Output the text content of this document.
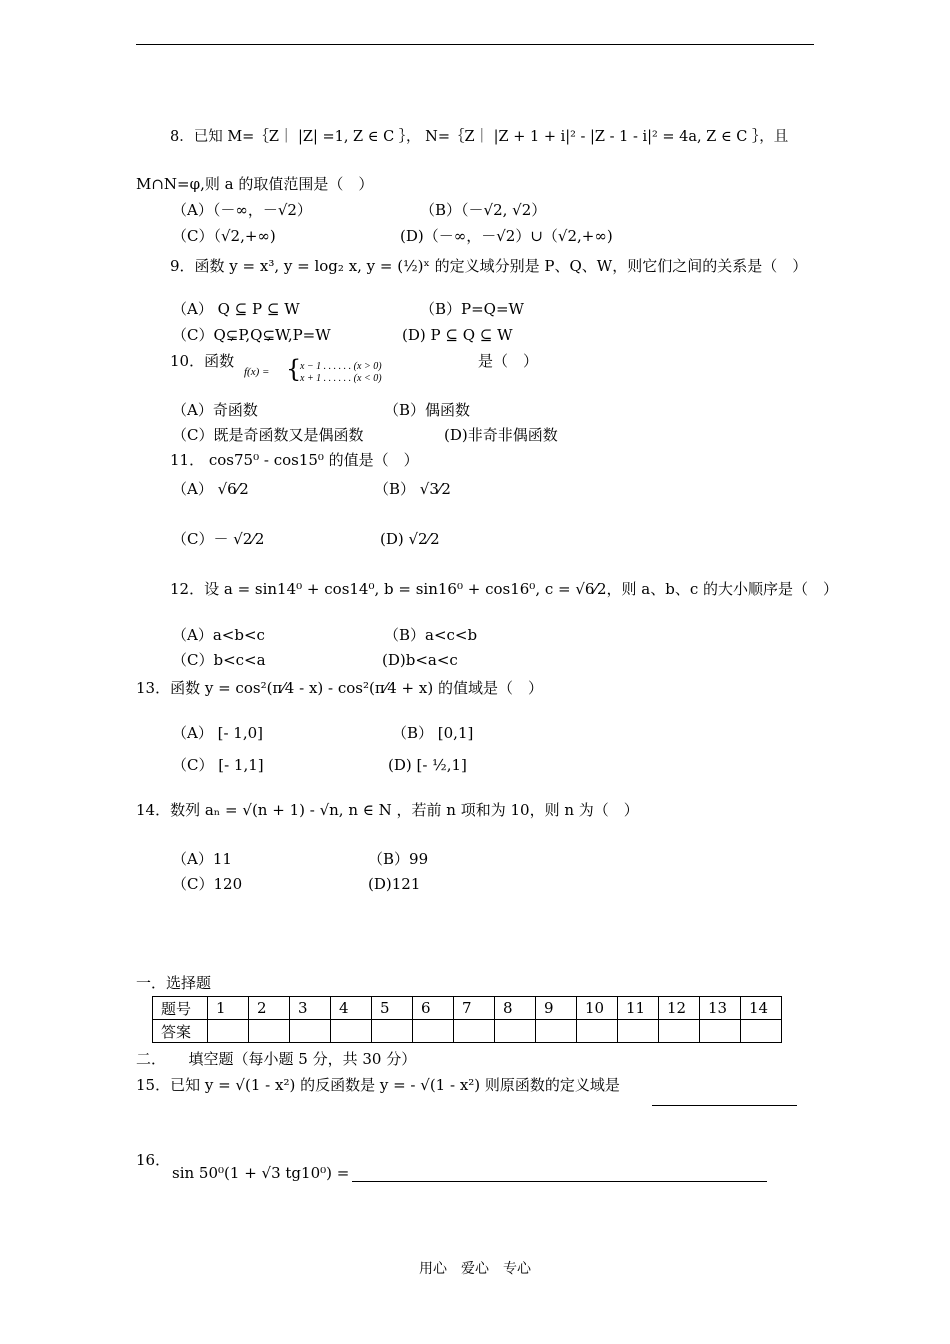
8．已知 M=｛Z｜ |Z| =1, Z ∈ C ｝， N=｛Z｜ |Z + 1 + i|² - |Z - 1 - i|² = 4a, Z ∈ C ｝，且
M∩N=φ,则 a 的取值范围是（　）
（A）（－∞，－√2）	（B）（－√2, √2）
（C）（√2,+∞)	(D)（－∞，－√2）∪（√2,+∞)
9．函数 y = x³, y = log₂ x, y = (½)ˣ 的定义域分别是 P、Q、W，则它们之间的关系是（　）
（A） Q ⊆ P ⊆ W	（B）P=Q=W
（C）Q⊊P,Q⊊W,P=W	(D) P ⊆ Q ⊆ W
10．函数
f(x) = {
x − 1 . . . . . . (x > 0)
x + 1 . . . . . . (x < 0)
是（　）
（A）奇函数	（B）偶函数
（C）既是奇函数又是偶函数	(D)非奇非偶函数
11． cos75⁰ - cos15⁰ 的值是（　）
（A） √6⁄2	（B） √3⁄2
（C）－ √2⁄2	(D) √2⁄2
12．设 a = sin14⁰ + cos14⁰, b = sin16⁰ + cos16⁰, c = √6⁄2，则 a、b、c 的大小顺序是（　）
（A）a<b<c	（B）a<c<b
（C）b<c<a	(D)b<a<c
13．函数 y = cos²(π⁄4 - x) - cos²(π⁄4 + x) 的值域是（　）
（A） [- 1,0]	（B） [0,1]
（C） [- 1,1]	(D) [- ½,1]
14．数列 aₙ = √(n + 1) - √n, n ∈ N ，若前 n 项和为 10，则 n 为（　）
（A）11	（B）99
（C）120	(D)121
一．选择题
题号	1	2	3	4	5	6	7	8	9	10	11	12	13	14
答案														
二．　　填空题（每小题 5 分，共 30 分）
15．已知 y = √(1 - x²) 的反函数是 y = - √(1 - x²) 则原函数的定义域是
16．
sin 50⁰(1 + √3 tg10⁰) =
用心　爱心　专心
